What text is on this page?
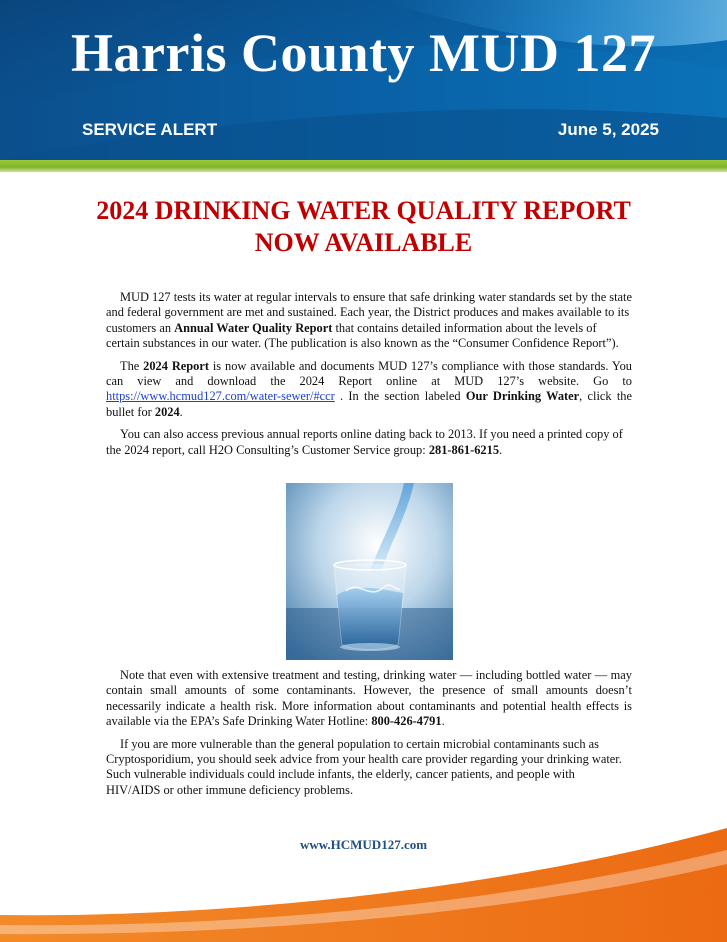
Harris County MUD 127
SERVICE ALERT	June 5, 2025
2024 DRINKING WATER QUALITY REPORT
NOW AVAILABLE

MUD 127 tests its water at regular intervals to ensure that safe drinking water standards set by the state and federal government are met and sustained. Each year, the District produces and makes available to its customers an Annual Water Quality Report that contains detailed information about the levels of certain substances in our water. (The publication is also known as the “Consumer Confidence Report”).

The 2024 Report is now available and documents MUD 127’s compliance with those standards. You can view and download the 2024 Report online at MUD 127’s website. Go to https://www.hcmud127.com/water-sewer/#ccr . In the section labeled Our Drinking Water, click the bullet for 2024.

You can also access previous annual reports online dating back to 2013. If you need a printed copy of the 2024 report, call H2O Consulting’s Customer Service group: 281-861-6215.

Note that even with extensive treatment and testing, drinking water — including bottled water — may contain small amounts of some contaminants. However, the presence of small amounts doesn’t necessarily indicate a health risk. More information about contaminants and potential health effects is available via the EPA’s Safe Drinking Water Hotline: 800-426-4791.

If you are more vulnerable than the general population to certain microbial contaminants such as Cryptosporidium, you should seek advice from your health care provider regarding your drinking water. Such vulnerable individuals could include infants, the elderly, cancer patients, and people with HIV/AIDS or other immune deficiency problems.

www.HCMUD127.com
